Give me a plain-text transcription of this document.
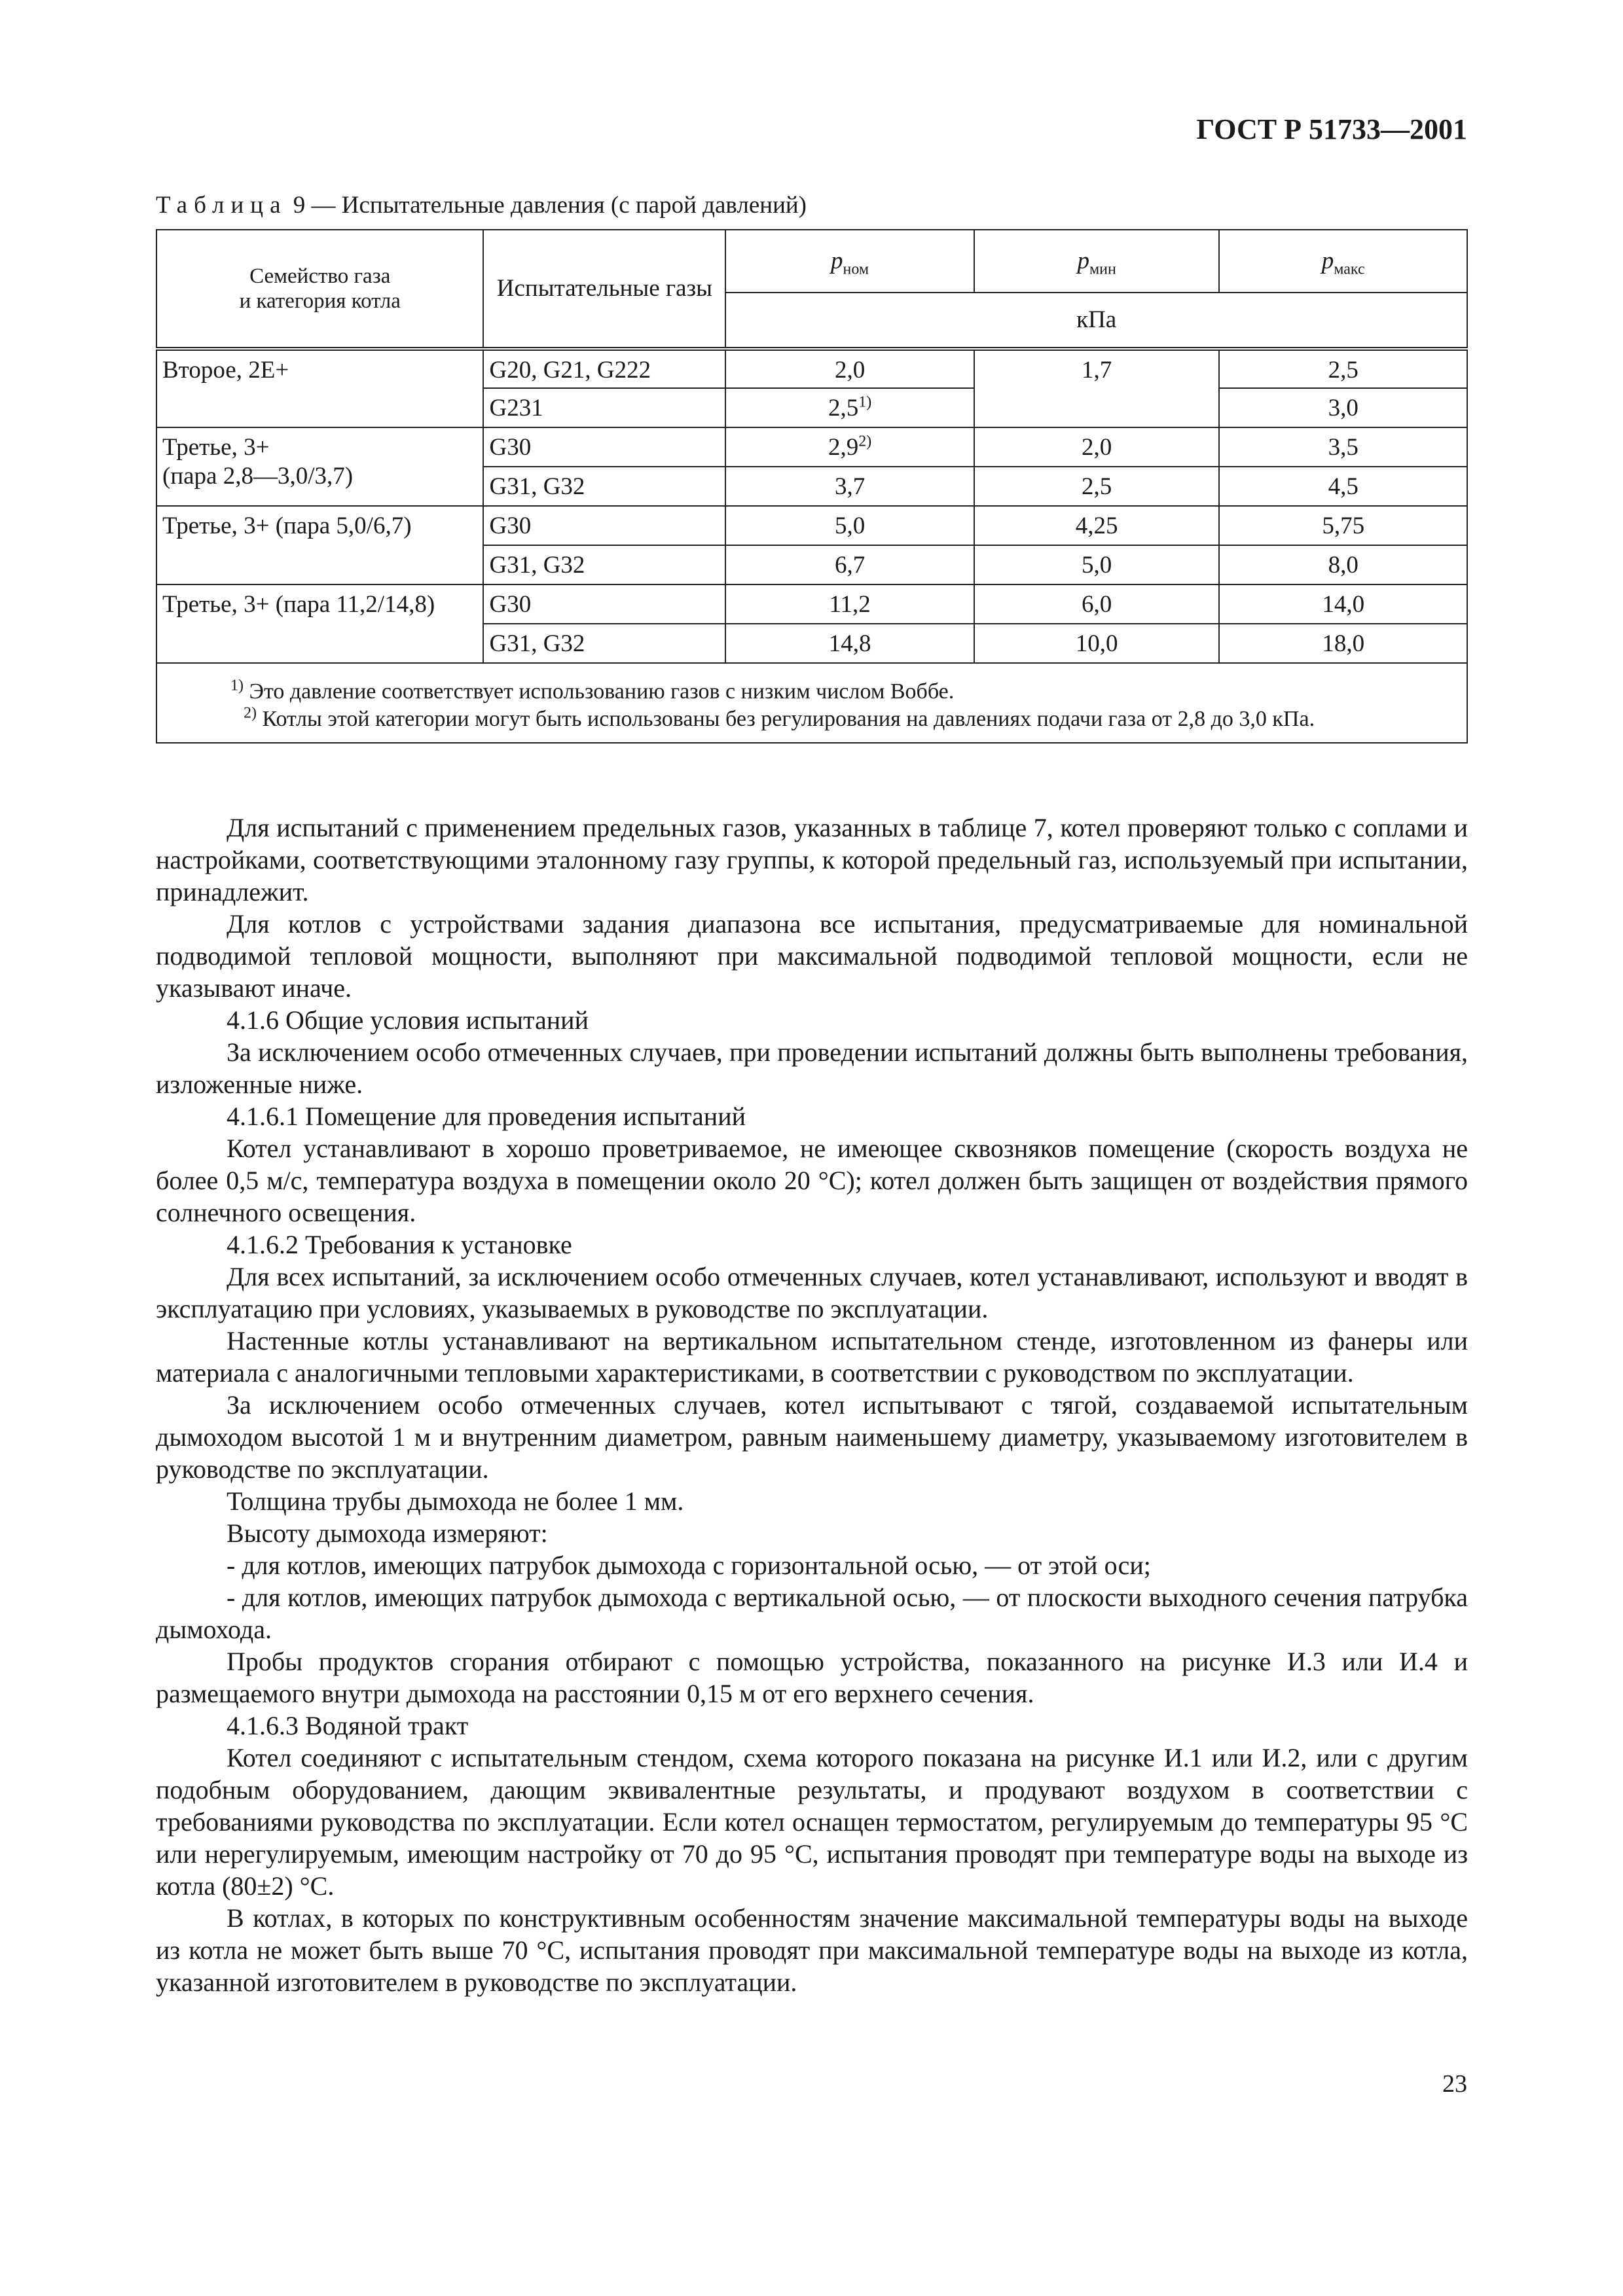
ГОСТ Р 51733—2001
Таблица 9 — Испытательные давления (с парой давлений)
Семейство газа
и категория котла	Испытательные газы	$p_{ном}$	$p_{мин}$	$p_{макс}$
		кПа		
Второе, 2Е+	G20, G21, G222	2,0	1,7	2,5
	G231	2,5$^{1)}$		3,0
Третье, 3+
(пара 2,8—3,0/3,7)	G30	2,9$^{2)}$	2,0	3,5
	G31, G32	3,7	2,5	4,5
Третье, 3+ (пара 5,0/6,7)	G30	5,0	4,25	5,75
	G31, G32	6,7	5,0	8,0
Третье, 3+ (пара 11,2/14,8)	G30	11,2	6,0	14,0
	G31, G32	14,8	10,0	18,0

$^{1)}$ Это давление соответствует использованию газов с низким числом Воббе.
$^{2)}$ Котлы этой категории могут быть использованы без регулирования на давлениях подачи газа от 2,8 до 3,0 кПа.				

Для испытаний с применением предельных газов, указанных в таблице 7, котел проверяют только с соплами и настройками, соответствующими эталонному газу группы, к которой предельный газ, используемый при испытании, принадлежит.

Для котлов с устройствами задания диапазона все испытания, предусматриваемые для номинальной подводимой тепловой мощности, выполняют при максимальной подводимой тепловой мощности, если не указывают иначе.

4.1.6 Общие условия испытаний

За исключением особо отмеченных случаев, при проведении испытаний должны быть выполнены требования, изложенные ниже.

4.1.6.1 Помещение для проведения испытаний

Котел устанавливают в хорошо проветриваемое, не имеющее сквозняков помещение (скорость воздуха не более 0,5 м/с, температура воздуха в помещении около 20 °С); котел должен быть защищен от воздействия прямого солнечного освещения.

4.1.6.2 Требования к установке

Для всех испытаний, за исключением особо отмеченных случаев, котел устанавливают, используют и вводят в эксплуатацию при условиях, указываемых в руководстве по эксплуатации.

Настенные котлы устанавливают на вертикальном испытательном стенде, изготовленном из фанеры или материала с аналогичными тепловыми характеристиками, в соответствии с руководством по эксплуатации.

За исключением особо отмеченных случаев, котел испытывают с тягой, создаваемой испытательным дымоходом высотой 1 м и внутренним диаметром, равным наименьшему диаметру, указываемому изготовителем в руководстве по эксплуатации.

Толщина трубы дымохода не более 1 мм.

Высоту дымохода измеряют:

- для котлов, имеющих патрубок дымохода с горизонтальной осью, — от этой оси;

- для котлов, имеющих патрубок дымохода с вертикальной осью, — от плоскости выходного сечения патрубка дымохода.

Пробы продуктов сгорания отбирают с помощью устройства, показанного на рисунке И.3 или И.4 и размещаемого внутри дымохода на расстоянии 0,15 м от его верхнего сечения.

4.1.6.3 Водяной тракт

Котел соединяют с испытательным стендом, схема которого показана на рисунке И.1 или И.2, или с другим подобным оборудованием, дающим эквивалентные результаты, и продувают воздухом в соответствии с требованиями руководства по эксплуатации. Если котел оснащен термостатом, регулируемым до температуры 95 °С или нерегулируемым, имеющим настройку от 70 до 95 °С, испытания проводят при температуре воды на выходе из котла (80±2) °С.

В котлах, в которых по конструктивным особенностям значение максимальной температуры воды на выходе из котла не может быть выше 70 °С, испытания проводят при максимальной температуре воды на выходе из котла, указанной изготовителем в руководстве по эксплуатации.

23
